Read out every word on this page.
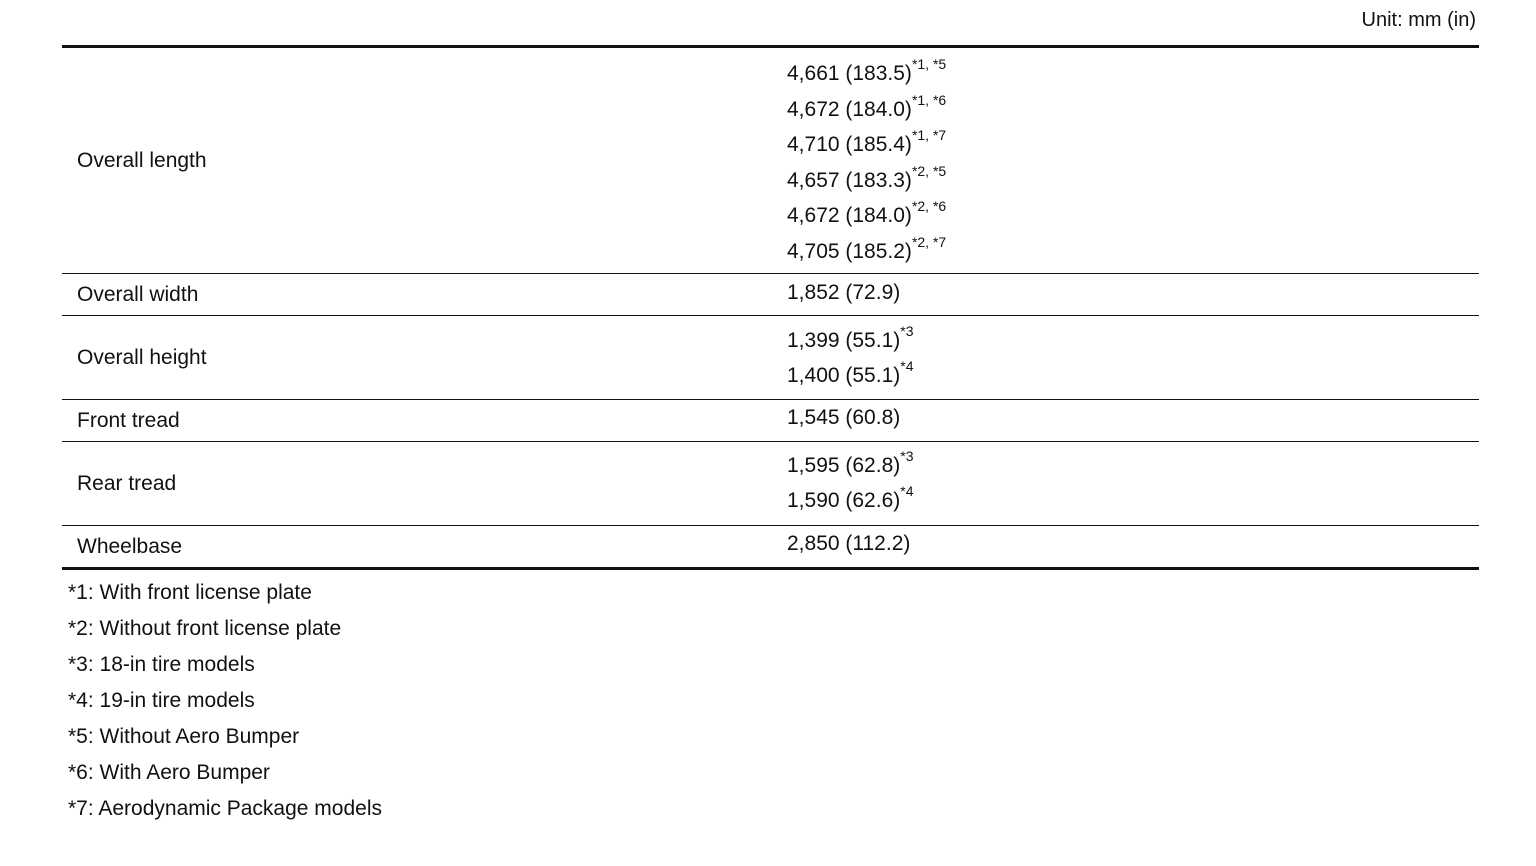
Unit: mm (in)
Overall length
4,661 $(183.5)^{*1, *5}$
4,672 $(184.0)^{*1, *6}$
4,710 $(185.4)^{*1, *7}$
4,657 $(183.3)^{*2, *5}$
4,672 $(184.0)^{*2, *6}$
4,705 $(185.2)^{*2, *7}$
Overall width	1,852 (72.9)
Overall height
1,399 $(55.1)^{*3}$
1,400 $(55.1)^{*4}$
Front tread	1,545 (60.8)
Rear tread
1,595 $(62.8)^{*3}$
1,590 $(62.6)^{*4}$
Wheelbase	2,850 (112.2)
*1: With front license plate
*2: Without front license plate
*3: 18-in tire models
*4: 19-in tire models
*5: Without Aero Bumper
*6: With Aero Bumper
*7: Aerodynamic Package models
